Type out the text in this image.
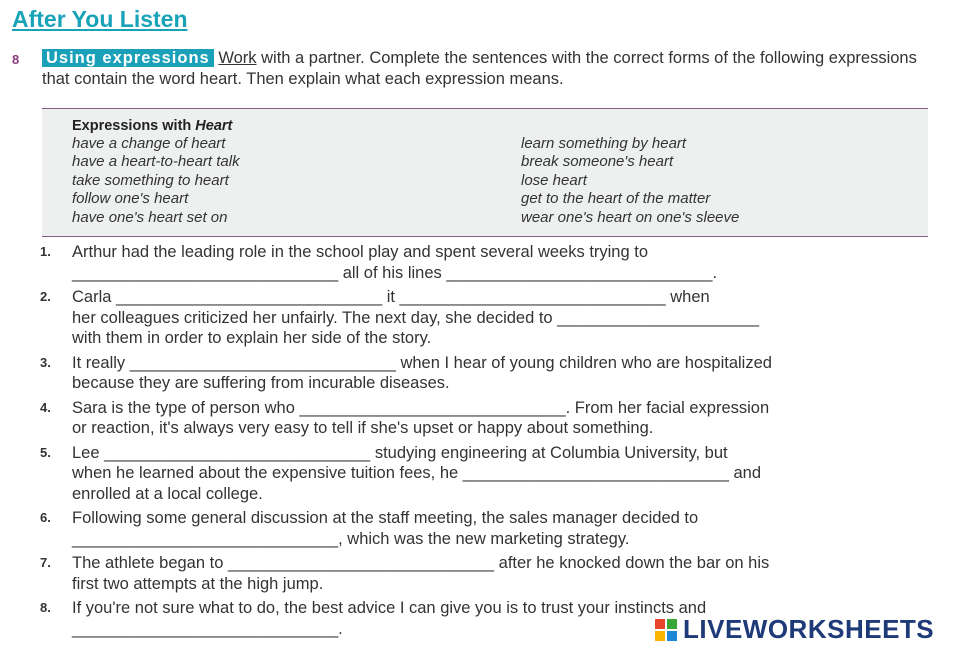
After You Listen
8 Using expressions Work with a partner. Complete the sentences with the correct forms of the following expressions that contain the word heart. Then explain what each expression means.
Expressions with Heart
have a change of heart
have a heart-to-heart talk
take something to heart
follow one's heart
have one's heart set on
learn something by heart
break someone's heart
lose heart
get to the heart of the matter
wear one's heart on one's sleeve
1. Arthur had the leading role in the school play and spent several weeks trying to
_____________________________ all of his lines _____________________________.
2. Carla _____________________________ it _____________________________ when
her colleagues criticized her unfairly. The next day, she decided to ______________________
with them in order to explain her side of the story.
3. It really _____________________________ when I hear of young children who are hospitalized
because they are suffering from incurable diseases.
4. Sara is the type of person who _____________________________. From her facial expression
or reaction, it's always very easy to tell if she's upset or happy about something.
5. Lee _____________________________ studying engineering at Columbia University, but
when he learned about the expensive tuition fees, he _____________________________ and
enrolled at a local college.
6. Following some general discussion at the staff meeting, the sales manager decided to
_____________________________, which was the new marketing strategy.
7. The athlete began to _____________________________ after he knocked down the bar on his
first two attempts at the high jump.
8. If you're not sure what to do, the best advice I can give you is to trust your instincts and
_____________________________.	LIVEWORKSHEETS
